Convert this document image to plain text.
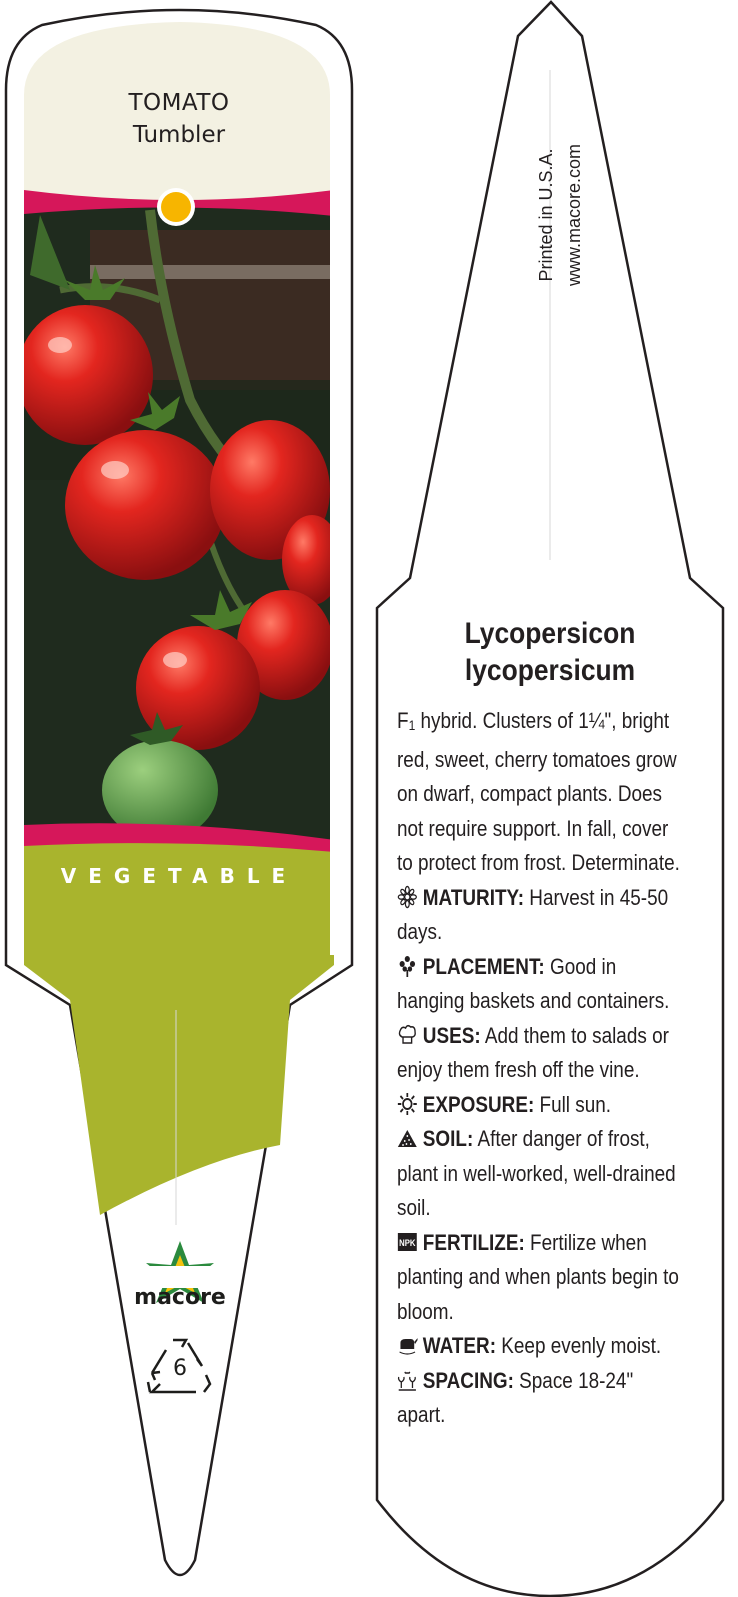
TOMATO
Tumbler
VEGETABLE
macore
6
Printed in U.S.A. www.macore.com
Lycopersicon
lycopersicum

F1 hybrid. Clusters of 1¼", bright red, sweet, cherry tomatoes grow on dwarf, compact plants. Does not require support. In fall, cover to protect from frost. Determinate.

MATURITY: Harvest in 45-50 days.

PLACEMENT: Good in hanging baskets and containers.

USES: Add them to salads or enjoy them fresh off the vine.

EXPOSURE: Full sun.

SOIL: After danger of frost, plant in well-worked, well-drained soil.

NPK FERTILIZE: Fertilize when planting and when plants begin to bloom.

WATER: Keep evenly moist.

SPACING: Space 18-24" apart.
